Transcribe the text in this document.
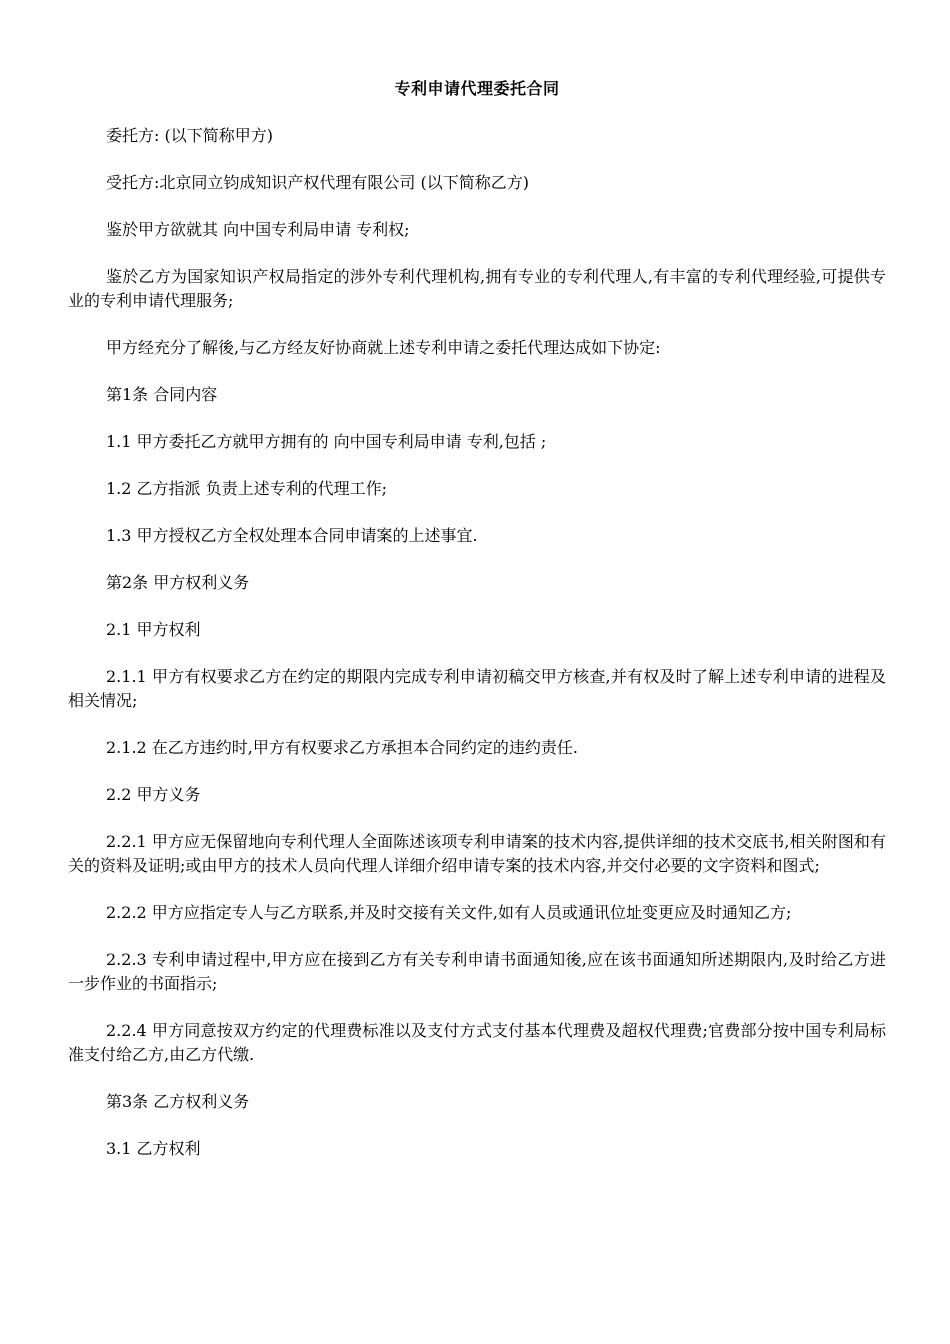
专利申请代理委托合同
委托方: (以下简称甲方)
受托方:北京同立钧成知识产权代理有限公司 (以下简称乙方)
鉴於甲方欲就其 向中国专利局申请 专利权;
鉴於乙方为国家知识产权局指定的涉外专利代理机构,拥有专业的专利代理人,有丰富的专利代理经验,可提供专业的专利申请代理服务;
甲方经充分了解後,与乙方经友好协商就上述专利申请之委托代理达成如下协定:
第1条 合同内容
1.1 甲方委托乙方就甲方拥有的 向中国专利局申请 专利,包括 ;
1.2 乙方指派 负责上述专利的代理工作;
1.3 甲方授权乙方全权处理本合同申请案的上述事宜.
第2条 甲方权利义务
2.1 甲方权利
2.1.1 甲方有权要求乙方在约定的期限内完成专利申请初稿交甲方核查,并有权及时了解上述专利申请的进程及相关情况;
2.1.2 在乙方违约时,甲方有权要求乙方承担本合同约定的违约责任.
2.2 甲方义务
2.2.1 甲方应无保留地向专利代理人全面陈述该项专利申请案的技术内容,提供详细的技术交底书,相关附图和有关的资料及证明;或由甲方的技术人员向代理人详细介绍申请专案的技术内容,并交付必要的文字资料和图式;
2.2.2 甲方应指定专人与乙方联系,并及时交接有关文件,如有人员或通讯位址变更应及时通知乙方;
2.2.3 专利申请过程中,甲方应在接到乙方有关专利申请书面通知後,应在该书面通知所述期限内,及时给乙方进一步作业的书面指示;
2.2.4 甲方同意按双方约定的代理费标准以及支付方式支付基本代理费及超权代理费;官费部分按中国专利局标准支付给乙方,由乙方代缴.
第3条 乙方权利义务
3.1 乙方权利
